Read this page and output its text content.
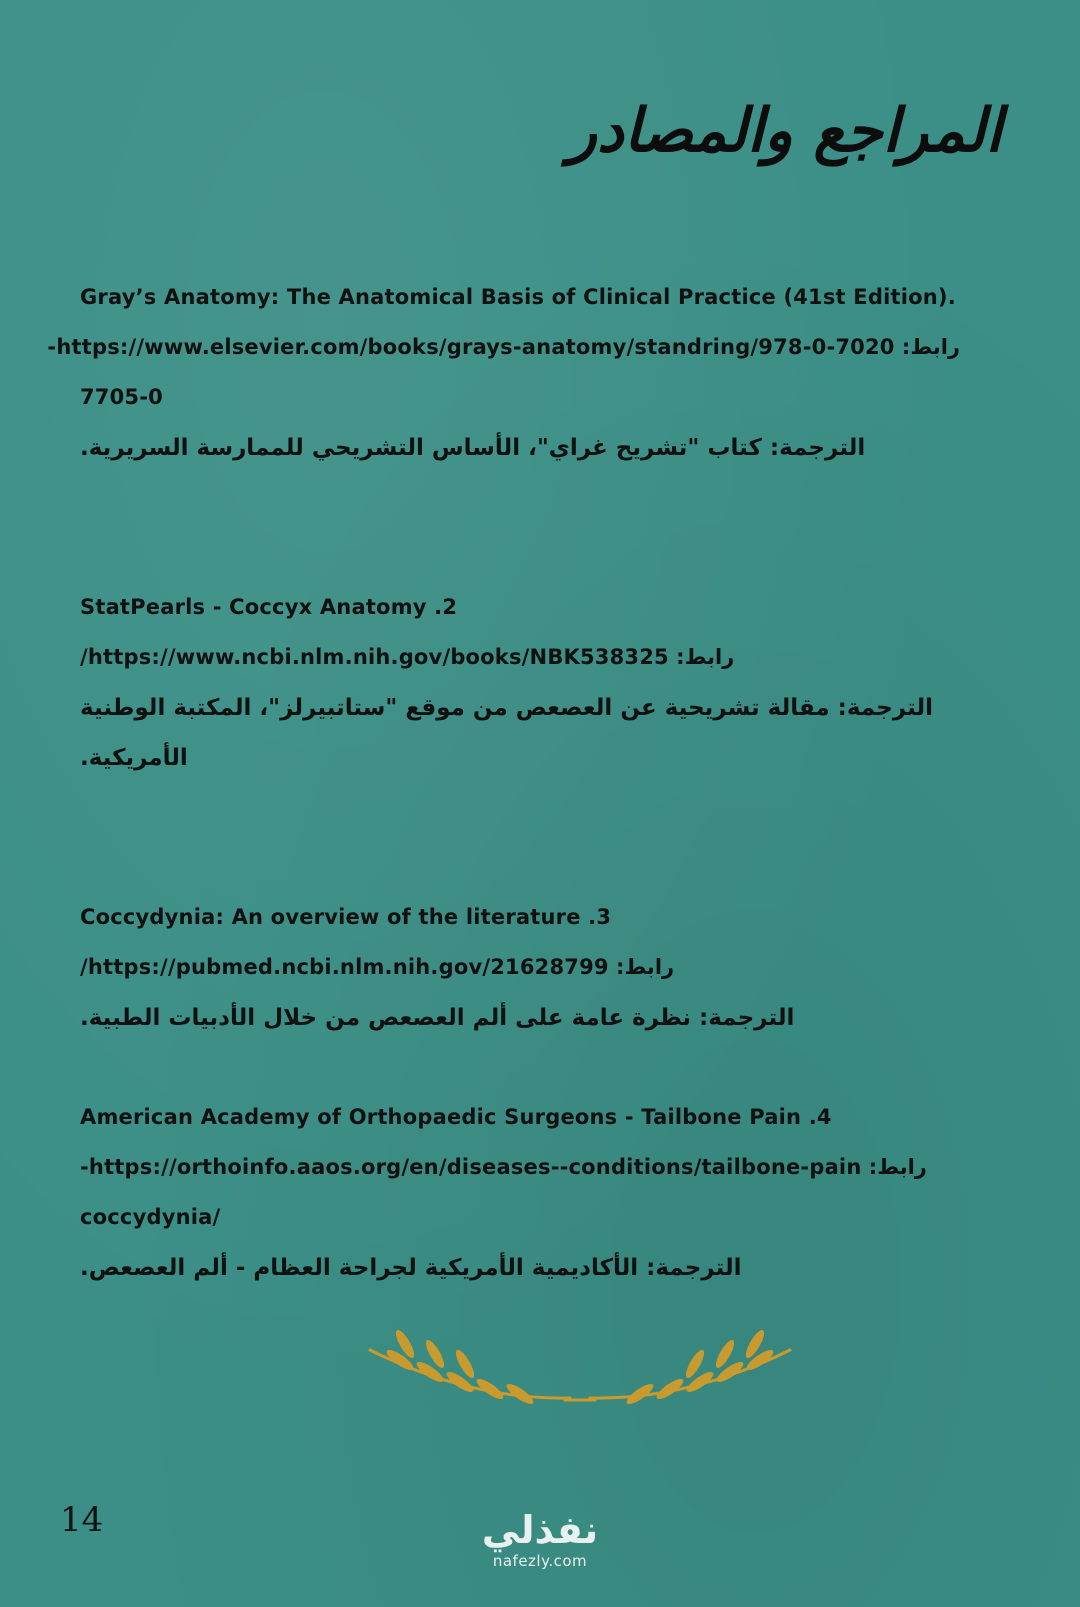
المراجع والمصادر
Gray’s Anatomy: The Anatomical Basis of Clinical Practice (41st Edition).
رابط: https://www.elsevier.com/books/grays-anatomy/standring/978-0-7020-
7705-0
الترجمة: كتاب "تشريح غراي"، الأساس التشريحي للممارسة السريرية.
StatPearls - Coccyx Anatomy .2
رابط: https://www.ncbi.nlm.nih.gov/books/NBK538325/
الترجمة: مقالة تشريحية عن العصعص من موقع "ستاتبيرلز"، المكتبة الوطنية
الأمريكية.
Coccydynia: An overview of the literature .3
رابط: https://pubmed.ncbi.nlm.nih.gov/21628799/
الترجمة: نظرة عامة على ألم العصعص من خلال الأدبيات الطبية.
American Academy of Orthopaedic Surgeons - Tailbone Pain .4
رابط: https://orthoinfo.aaos.org/en/diseases--conditions/tailbone-pain-
coccydynia/
الترجمة: الأكاديمية الأمريكية لجراحة العظام - ألم العصعص.
14	نفذلي
nafezly.com
